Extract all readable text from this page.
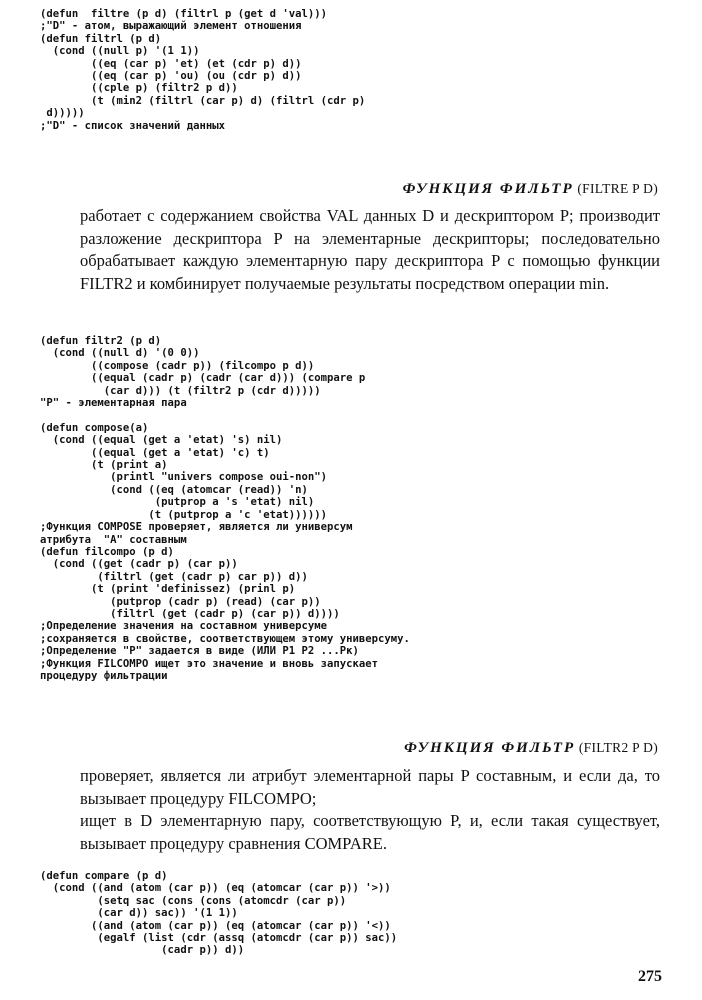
(defun  filtre (p d) (filtrl p (get d 'val)))
;"D" - атом, выражающий элемент отношения
(defun filtrl (p d)
(cond ((null p) '(1 1))
((eq (car p) 'et) (et (cdr p) d))
((eq (car p) 'ou) (ou (cdr p) d))
((cple p) (filtr2 p d))
(t (min2 (filtrl (car p) d) (filtrl (cdr p)
d)))))
;"D" - список значений данных
ФУНКЦИЯ ФИЛЬТР (FILTRE P D)

работает с содержанием свойства VAL данных D и дескриптором P; производит разложение дескриптора P на элементарные дескрипторы; последовательно обрабатывает каждую элементарную пару дескриптора P с помощью функции FILTR2 и комбинирует получаемые результаты посредством операции min.

(defun filtr2 (p d)
(cond ((null d) '(0 0))
((compose (cadr p)) (filcompo p d))
((equal (cadr p) (cadr (car d))) (compare p
(car d))) (t (filtr2 p (cdr d)))))
"P" - элементарная пара

(defun compose(a)
(cond ((equal (get a 'etat) 's) nil)
((equal (get a 'etat) 'c) t)
(t (print a)
(printl "univers compose oui-non")
(cond ((eq (atomcar (read)) 'n)
(putprop a 's 'etat) nil)
(t (putprop a 'c 'etat))))))
;Функция COMPOSE проверяет, является ли универсум
атрибута  "A" составным
(defun filcompo (p d)
(cond ((get (cadr p) (car p))
(filtrl (get (cadr p) car p)) d))
(t (print 'definissez) (prinl p)
(putprop (cadr p) (read) (car p))
(filtrl (get (cadr p) (car p)) d))))
;Определение значения на составном универсуме
;сохраняется в свойстве, соответствующем этому универсуму.
;Определение "P" задается в виде (ИЛИ P1 P2 ...Pк)
;Функция FILCOMPO ищет это значение и вновь запускает
процедуру фильтрации
ФУНКЦИЯ ФИЛЬТР (FILTR2 P D)

проверяет, является ли атрибут элементарной пары P составным, и если да, то вызывает процедуру FILCOMPO;

ищет в D элементарную пару, соответствующую P, и, если такая существует, вызывает процедуру сравнения COMPARE.

(defun compare (p d)
(cond ((and (atom (car p)) (eq (atomcar (car p)) '>))
(setq sac (cons (cons (atomcdr (car p))
(car d)) sac)) '(1 1))
((and (atom (car p)) (eq (atomcar (car p)) '<))
(egalf (list (cdr (assq (atomcdr (car p)) sac))
(cadr p)) d))
275
